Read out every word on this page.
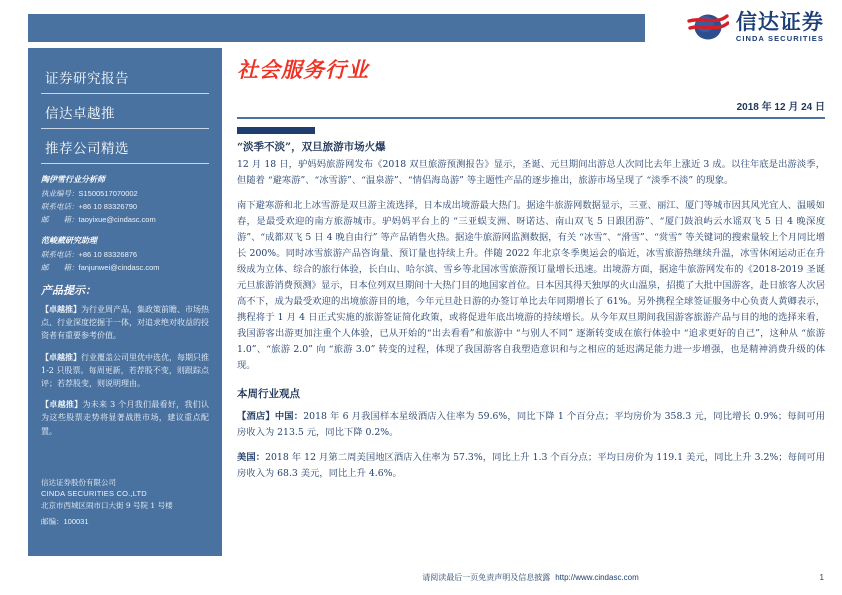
信达证券
CINDA SECURITIES
证券研究报告
信达卓越推
推荐公司精选
陶伊雪行业分析师
执业编号：S1500517070002
联系电话：+86 10 83326790
邮　　箱：taoyixue@cindasc.com
范峻葳研究助理
联系电话：+86 10 83326876
邮　　箱：fanjunwei@cindasc.com
产品提示：

【卓越推】为行业周产品，集政策前瞻、市场热点、行业深度挖掘于一体，对追求绝对收益的投资者有重要参考价值。

【卓越推】行业覆盖公司里优中选优，每期只推 1-2 只股票。每周更新，若荐股不变，则跟踪点评；若荐股变，则说明理由。

【卓越推】为未来 3 个月我们最看好，我们认为这些股票走势将显著战胜市场，建议重点配置。

信达证券股份有限公司
CINDA SECURITIES CO.,LTD
北京市西城区闹市口大街 9 号院 1 号楼
邮编：100031
社会服务行业
2018 年 12 月 24 日
“淡季不淡”，双旦旅游市场火爆

12 月 18 日，驴妈妈旅游网发布《2018 双旦旅游预测报告》显示，圣诞、元旦期间出游总人次同比去年上涨近 3 成。以往年底是出游淡季，但随着 “避寒游”、“冰雪游”、“温泉游”、“情侣海岛游” 等主题性产品的逐步推出，旅游市场呈现了 “淡季不淡” 的现象。

南下避寒游和北上冰雪游是双旦游主流选择，日本成出境游最大热门。据途牛旅游网数据显示，三亚、丽江、厦门等城市因其风光宜人、温暖如春，是最受欢迎的南方旅游城市。驴妈妈平台上的 “三亚蜈支洲、呀诺达、南山双飞 5 日跟团游”、“厦门鼓浪屿云水谣双飞 5 日 4 晚深度游”、“成都双飞 5 日 4 晚自由行” 等产品销售火热。据途牛旅游网监测数据，有关 “冰雪”、“滑雪”、“赏雪” 等关键词的搜索量较上个月同比增长 200%。同时冰雪旅游产品咨询量、预订量也持续上升。伴随 2022 年北京冬季奥运会的临近，冰雪旅游热继续升温，冰雪休闲运动正在升级成为立体、综合的旅行体验，长白山、哈尔滨、雪乡等北国冰雪旅游预订量增长迅速。出境游方面，据途牛旅游网发布的《2018-2019 圣诞元旦旅游消费预测》显示，日本位列双旦期间十大热门目的地国家首位。日本因其得天独厚的火山温泉，招揽了大批中国游客，赴日旅客人次居高不下，成为最受欢迎的出境旅游目的地，今年元旦赴日游的办签订单比去年同期增长了 61%。另外携程全球签证服务中心负责人黄卿表示，携程将于 1 月 4 日正式实施的旅游签证简化政策，或将促进年底出境游的持续增长。从今年双旦期间我国游客旅游产品与目的地的选择来看，我国游客出游更加注重个人体验，已从开始的“出去看看”和旅游中 “与别人不同” 逐渐转变成在旅行体验中 “追求更好的自己”，这种从 “旅游 1.0”、“旅游 2.0” 向 “旅游 3.0” 转变的过程，体现了我国游客自我塑造意识和与之相应的延迟满足能力进一步增强，也是精神消费升级的体现。

本周行业观点

【酒店】中国：2018 年 6 月我国样本星级酒店入住率为 59.6%，同比下降 1 个百分点；平均房价为 358.3 元，同比增长 0.9%；每间可用房收入为 213.5 元，同比下降 0.2%。

美国：2018 年 12 月第二周美国地区酒店入住率为 57.3%，同比上升 1.3 个百分点；平均日房价为 119.1 美元，同比上升 3.2%；每间可用房收入为 68.3 美元，同比上升 4.6%。

请阅读最后一页免责声明及信息披露 http://www.cindasc.com	1
